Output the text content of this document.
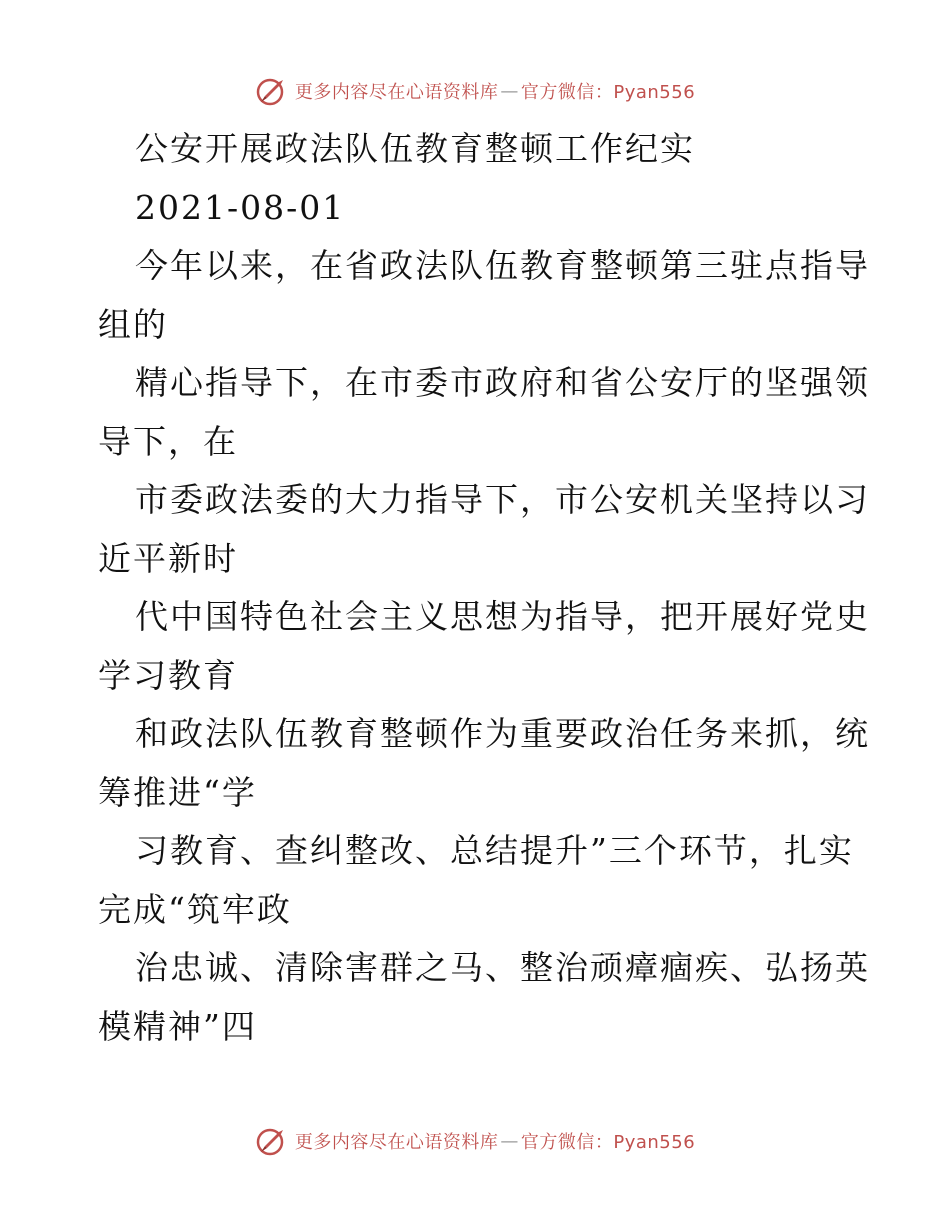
更多内容尽在心语资料库 — 官方微信：Pyan556
公安开展政法队伍教育整顿工作纪实
2021-08-01
今年以来，在省政法队伍教育整顿第三驻点指导
组的
精心指导下，在市委市政府和省公安厅的坚强领
导下，在
市委政法委的大力指导下，市公安机关坚持以习
近平新时
代中国特色社会主义思想为指导，把开展好党史
学习教育
和政法队伍教育整顿作为重要政治任务来抓，统
筹推进“学
习教育、查纠整改、总结提升”三个环节，扎实
完成“筑牢政
治忠诚、清除害群之马、整治顽瘴痼疾、弘扬英
模精神”四
更多内容尽在心语资料库 — 官方微信：Pyan556
